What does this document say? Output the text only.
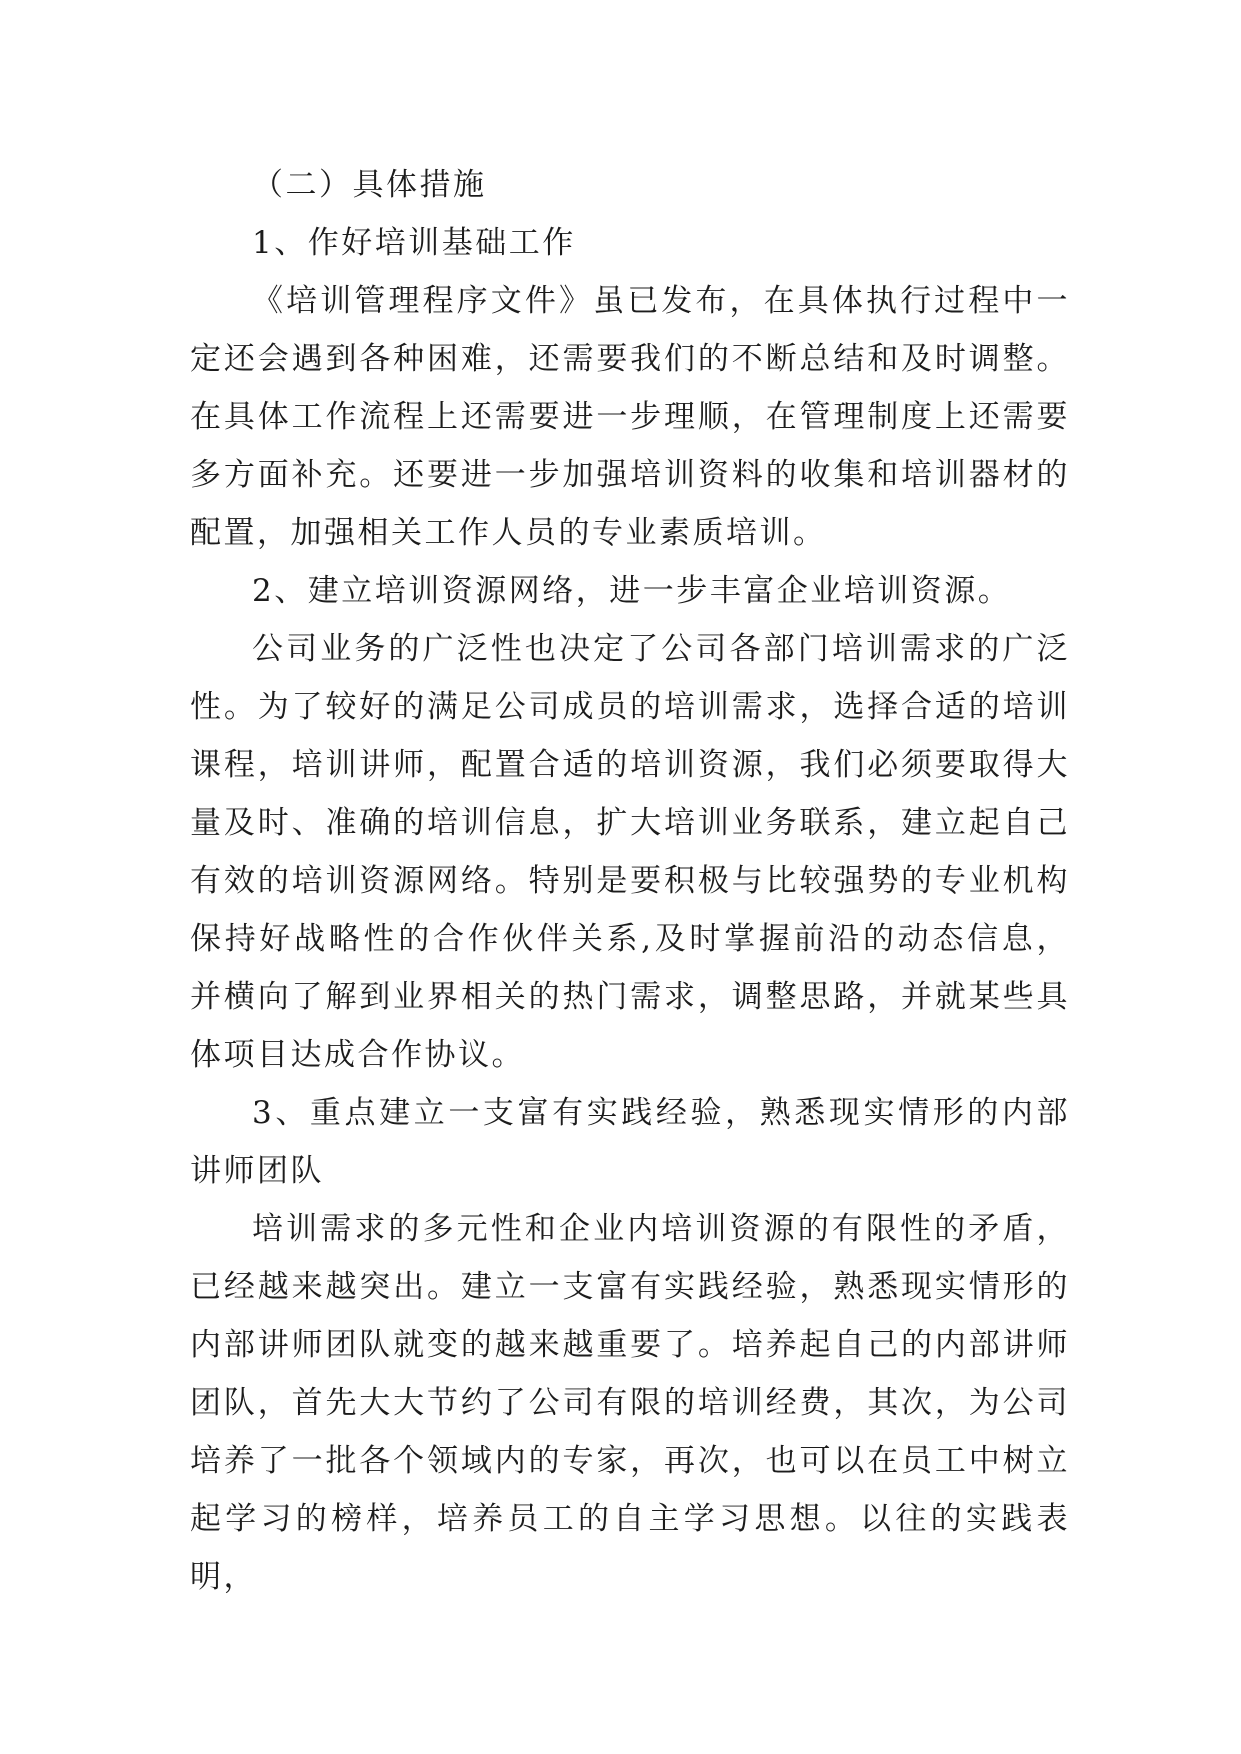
（二）具体措施

1、作好培训基础工作

《培训管理程序文件》虽已发布，在具体执行过程中一定还会遇到各种困难，还需要我们的不断总结和及时调整。在具体工作流程上还需要进一步理顺，在管理制度上还需要多方面补充。还要进一步加强培训资料的收集和培训器材的配置，加强相关工作人员的专业素质培训。

2、建立培训资源网络，进一步丰富企业培训资源。

公司业务的广泛性也决定了公司各部门培训需求的广泛性。为了较好的满足公司成员的培训需求，选择合适的培训课程，培训讲师，配置合适的培训资源，我们必须要取得大量及时、准确的培训信息，扩大培训业务联系，建立起自己有效的培训资源网络。特别是要积极与比较强势的专业机构保持好战略性的合作伙伴关系,及时掌握前沿的动态信息，并横向了解到业界相关的热门需求，调整思路，并就某些具体项目达成合作协议。

3、重点建立一支富有实践经验，熟悉现实情形的内部讲师团队

培训需求的多元性和企业内培训资源的有限性的矛盾，已经越来越突出。建立一支富有实践经验，熟悉现实情形的内部讲师团队就变的越来越重要了。培养起自己的内部讲师团队，首先大大节约了公司有限的培训经费，其次，为公司培养了一批各个领域内的专家，再次，也可以在员工中树立起学习的榜样，培养员工的自主学习思想。以往的实践表明，
